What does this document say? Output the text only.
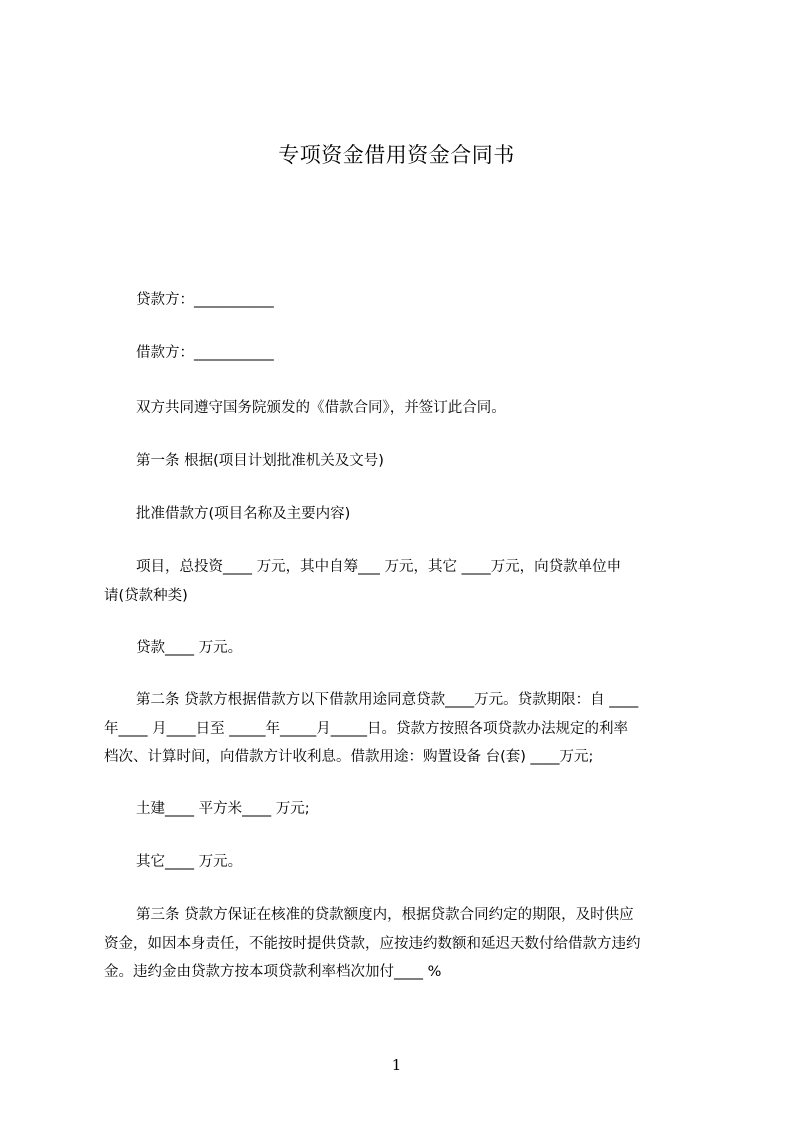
专项资金借用资金合同书
贷款方：___________
借款方：___________
双方共同遵守国务院颁发的《借款合同》，并签订此合同。
第一条 根据(项目计划批准机关及文号)
批准借款方(项目名称及主要内容)
项目，总投资____ 万元，其中自筹___ 万元，其它 ____万元，向贷款单位申
请(贷款种类)
贷款____ 万元。
第二条 贷款方根据借款方以下借款用途同意贷款____万元。贷款期限：自 ____
年____ 月____日至 _____年_____月_____日。贷款方按照各项贷款办法规定的利率
档次、计算时间，向借款方计收利息。借款用途：购置设备 台(套) ____万元;
土建____ 平方米____ 万元;
其它____ 万元。
第三条 贷款方保证在核准的贷款额度内，根据贷款合同约定的期限，及时供应
资金，如因本身责任，不能按时提供贷款，应按违约数额和延迟天数付给借款方违约
金。违约金由贷款方按本项贷款利率档次加付____ %
1
